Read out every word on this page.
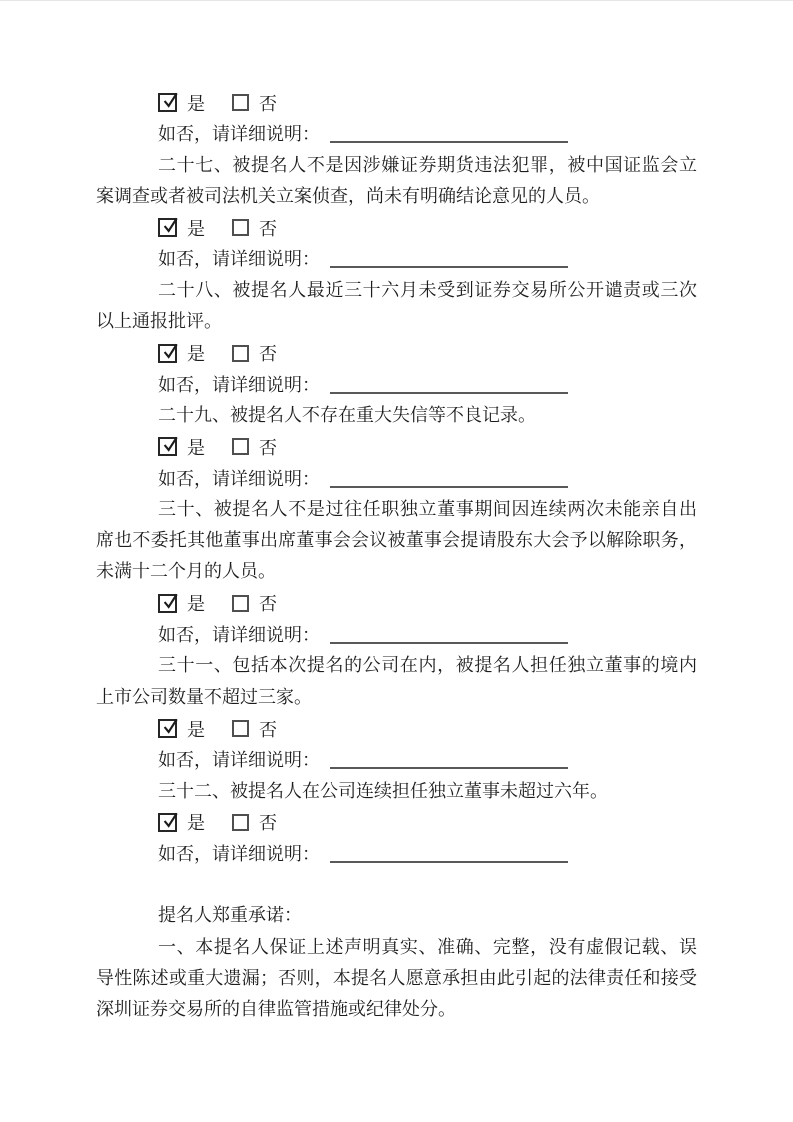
是	否
如否，请详细说明：

二十七、被提名人不是因涉嫌证券期货违法犯罪，被中国证监会立案调查或者被司法机关立案侦查，尚未有明确结论意见的人员。

是	否
如否，请详细说明：

二十八、被提名人最近三十六月未受到证券交易所公开谴责或三次以上通报批评。

是	否
如否，请详细说明：

二十九、被提名人不存在重大失信等不良记录。

是	否
如否，请详细说明：

三十、被提名人不是过往任职独立董事期间因连续两次未能亲自出席也不委托其他董事出席董事会会议被董事会提请股东大会予以解除职务，未满十二个月的人员。

是	否
如否，请详细说明：

三十一、包括本次提名的公司在内，被提名人担任独立董事的境内上市公司数量不超过三家。

是	否
如否，请详细说明：

三十二、被提名人在公司连续担任独立董事未超过六年。

是	否
如否，请详细说明：

提名人郑重承诺：

一、本提名人保证上述声明真实、准确、完整，没有虚假记载、误导性陈述或重大遗漏；否则，本提名人愿意承担由此引起的法律责任和接受深圳证券交易所的自律监管措施或纪律处分。
